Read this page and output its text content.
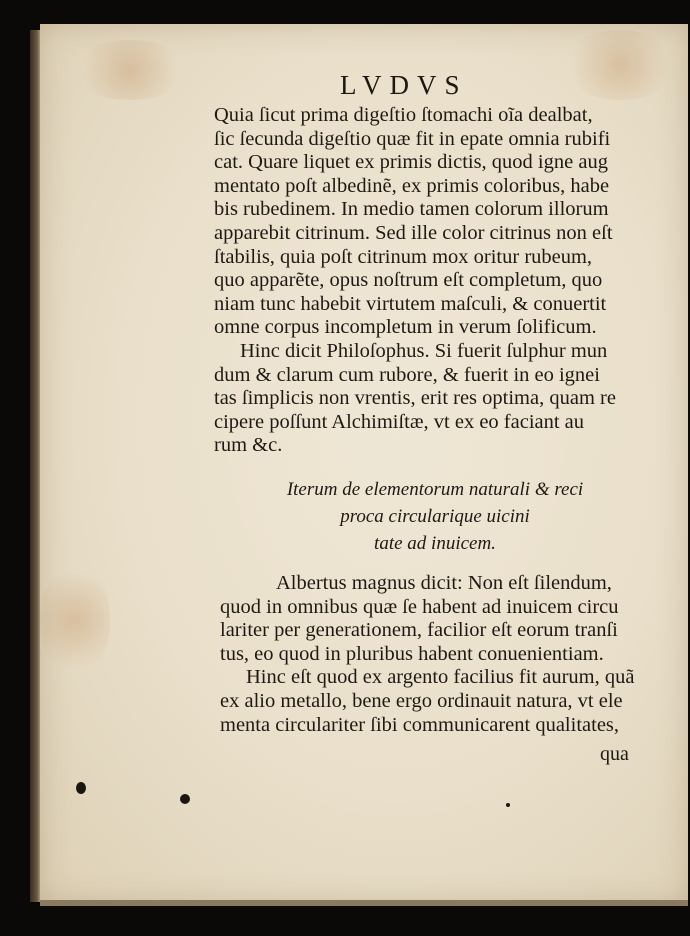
LVDVS
Quia ſicut prima digeſtio ſtomachi oĩa dealbat,
ſic ſecunda digeſtio quæ fit in epate omnia rubifi
cat. Quare liquet ex primis dictis, quod igne aug
mentato poſt albedinẽ, ex primis coloribus, habe
bis rubedinem. In medio tamen colorum illorum
apparebit citrinum. Sed ille color citrinus non eſt
ſtabilis, quia poſt citrinum mox oritur rubeum,
quo apparẽte, opus noſtrum eſt completum, quo
niam tunc habebit virtutem maſculi, & conuertit
omne corpus incompletum in verum ſolificum.
Hinc dicit Philoſophus. Si fuerit ſulphur mun
dum & clarum cum rubore, & fuerit in eo ignei
tas ſimplicis non vrentis, erit res optima, quam re
cipere poſſunt Alchimiſtæ, vt ex eo faciant au
rum &c.
Iterum de elementorum naturali & reci
proca circularique uicini
tate ad inuicem.
Albertus magnus dicit: Non eſt ſilendum,
quod in omnibus quæ ſe habent ad inuicem circu
lariter per generationem, facilior eſt eorum tranſi
tus, eo quod in pluribus habent conuenientiam.
Hinc eſt quod ex argento facilius fit aurum, quã
ex alio metallo, bene ergo ordinauit natura, vt ele
menta circulariter ſibi communicarent qualitates,
qua
